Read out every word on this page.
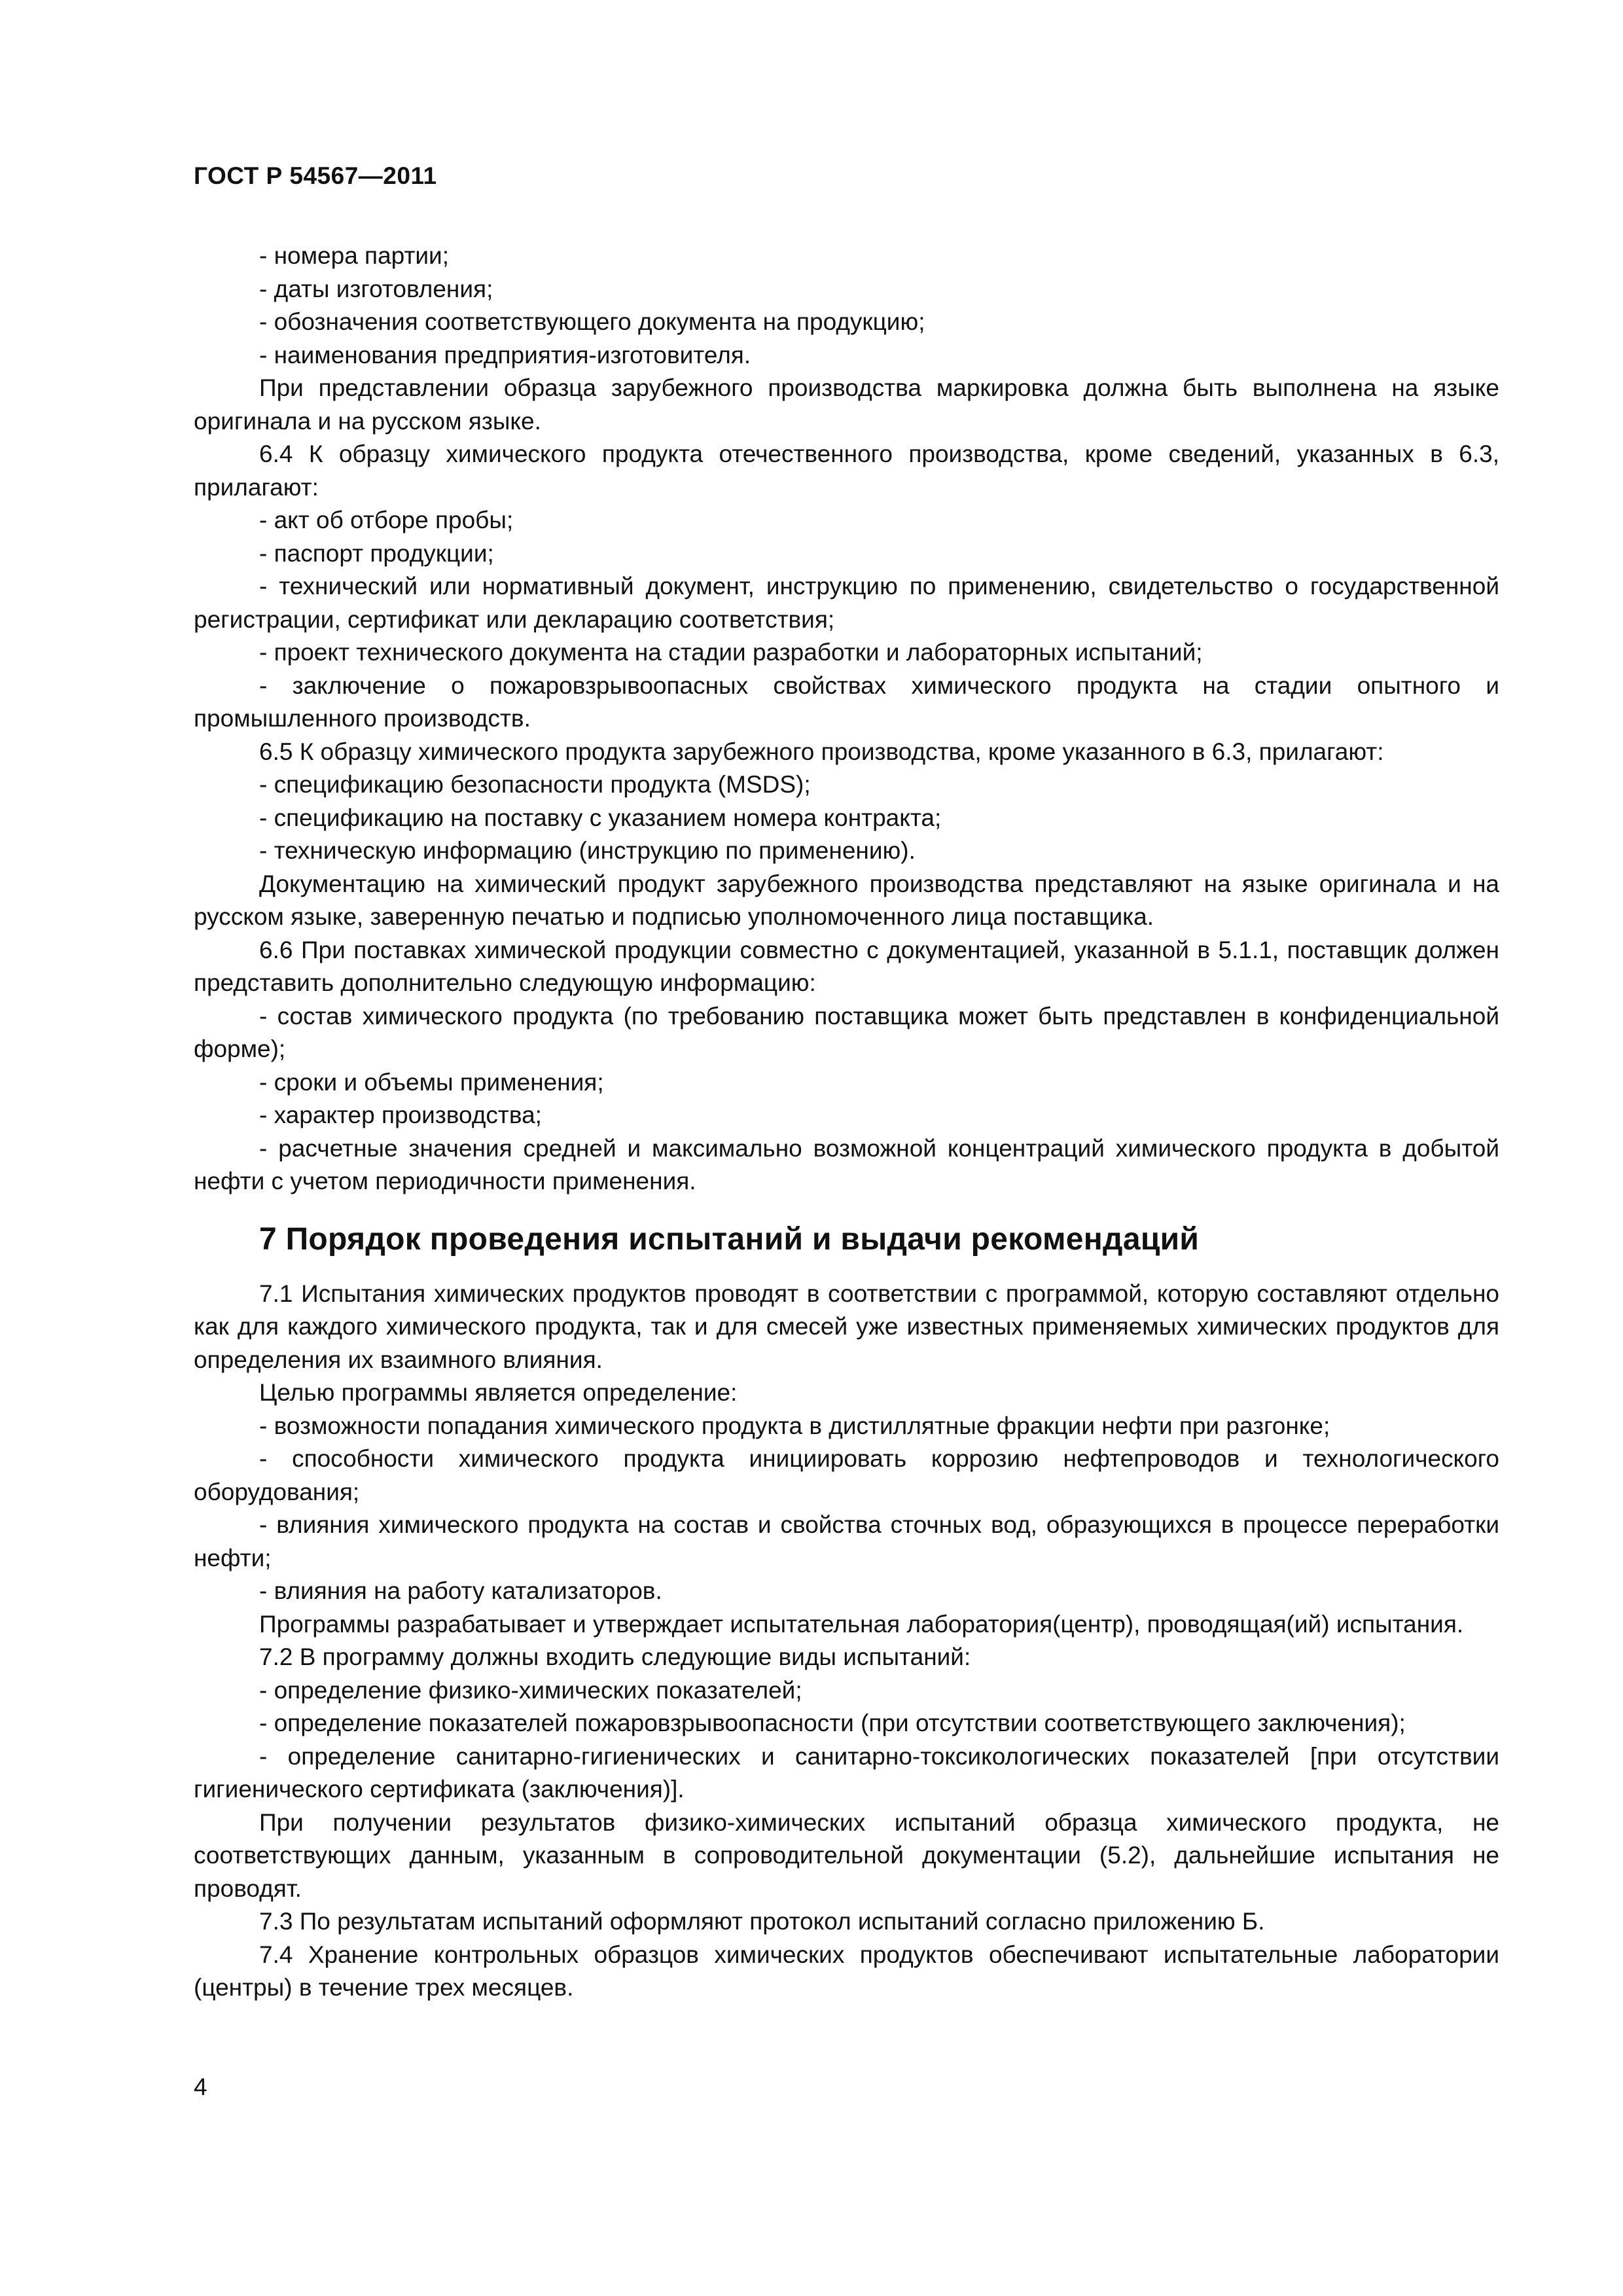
ГОСТ Р 54567—2011

- номера партии;

- даты изготовления;

- обозначения соответствующего документа на продукцию;

- наименования предприятия-изготовителя.

При представлении образца зарубежного производства маркировка должна быть выполнена на языке оригинала и на русском языке.

6.4 К образцу химического продукта отечественного производства, кроме сведений, указанных в 6.3, прилагают:

- акт об отборе пробы;

- паспорт продукции;

- технический или нормативный документ, инструкцию по применению, свидетельство о государственной регистрации, сертификат или декларацию соответствия;

- проект технического документа на стадии разработки и лабораторных испытаний;

- заключение о пожаровзрывоопасных свойствах химического продукта на стадии опытного и промышленного производств.

6.5 К образцу химического продукта зарубежного производства, кроме указанного в 6.3, прилагают:

- спецификацию безопасности продукта (MSDS);

- спецификацию на поставку с указанием номера контракта;

- техническую информацию (инструкцию по применению).

Документацию на химический продукт зарубежного производства представляют на языке оригинала и на русском языке, заверенную печатью и подписью уполномоченного лица поставщика.

6.6 При поставках химической продукции совместно с документацией, указанной в 5.1.1, поставщик должен представить дополнительно следующую информацию:

- состав химического продукта (по требованию поставщика может быть представлен в конфиденциальной форме);

- сроки и объемы применения;

- характер производства;

- расчетные значения средней и максимально возможной концентраций химического продукта в добытой нефти с учетом периодичности применения.

7 Порядок проведения испытаний и выдачи рекомендаций

7.1 Испытания химических продуктов проводят в соответствии с программой, которую составляют отдельно как для каждого химического продукта, так и для смесей уже известных применяемых химических продуктов для определения их взаимного влияния.

Целью программы является определение:

- возможности попадания химического продукта в дистиллятные фракции нефти при разгонке;

- способности химического продукта инициировать коррозию нефтепроводов и технологического оборудования;

- влияния химического продукта на состав и свойства сточных вод, образующихся в процессе переработки нефти;

- влияния на работу катализаторов.

Программы разрабатывает и утверждает испытательная лаборатория(центр), проводящая(ий) испытания.

7.2 В программу должны входить следующие виды испытаний:

- определение физико-химических показателей;

- определение показателей пожаровзрывоопасности (при отсутствии соответствующего заключения);

- определение санитарно-гигиенических и санитарно-токсикологических показателей [при отсутствии гигиенического сертификата (заключения)].

При получении результатов физико-химических испытаний образца химического продукта, не соответствующих данным, указанным в сопроводительной документации (5.2), дальнейшие испытания не проводят.

7.3 По результатам испытаний оформляют протокол испытаний согласно приложению Б.

7.4 Хранение контрольных образцов химических продуктов обеспечивают испытательные лаборатории (центры) в течение трех месяцев.

4
